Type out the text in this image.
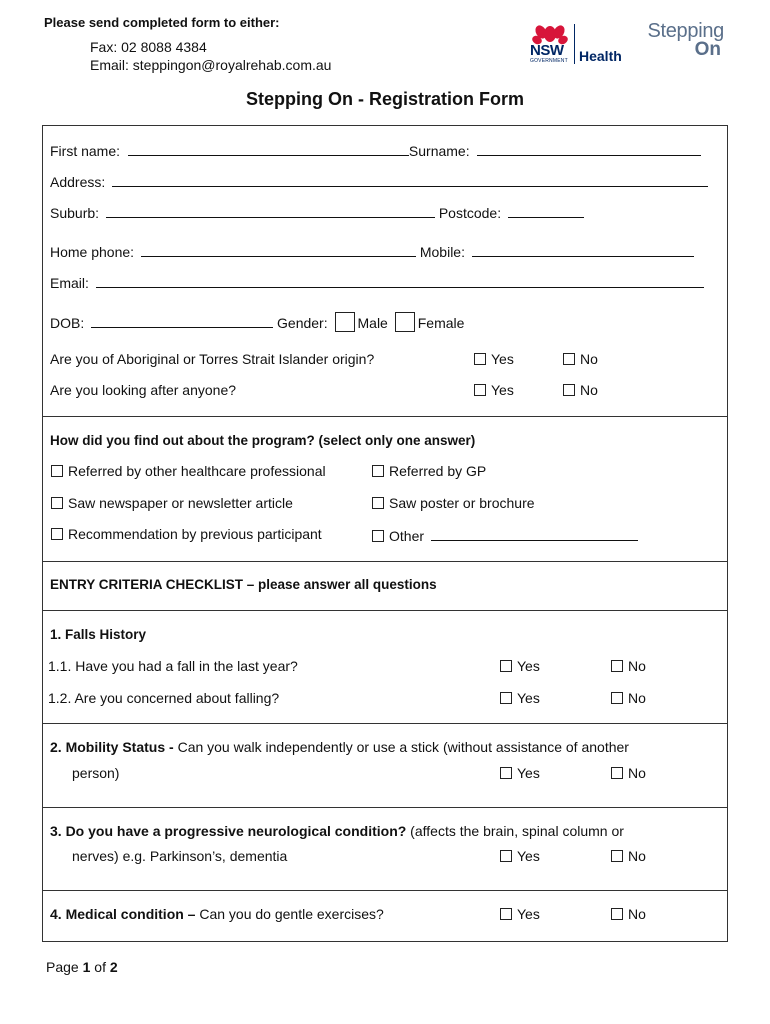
Please send completed form to either:
Fax: 02 8088 4384
Email: steppingon@royalrehab.com.au
NSW
GOVERNMENT Health
Stepping
On
Stepping On - Registration Form
First name:	Surname:
Address:
Suburb:	Postcode:
Home phone:	Mobile:
Email:
DOB:	Gender: Male Female
Are you of Aboriginal or Torres Strait Islander origin?	Yes	No
Are you looking after anyone?	Yes	No
How did you find out about the program? (select only one answer)
Referred by other healthcare professional	Referred by GP
Saw newspaper or newsletter article	Saw poster or brochure
Recommendation by previous participant	Other
ENTRY CRITERIA CHECKLIST – please answer all questions
1. Falls History
1.1. Have you had a fall in the last year?	Yes	No
1.2. Are you concerned about falling?	Yes	No
2. Mobility Status - Can you walk independently or use a stick (without assistance of another
person)	Yes	No
3. Do you have a progressive neurological condition? (affects the brain, spinal column or
nerves) e.g. Parkinson’s, dementia	Yes	No
4. Medical condition – Can you do gentle exercises?	Yes	No
Page 1 of 2
